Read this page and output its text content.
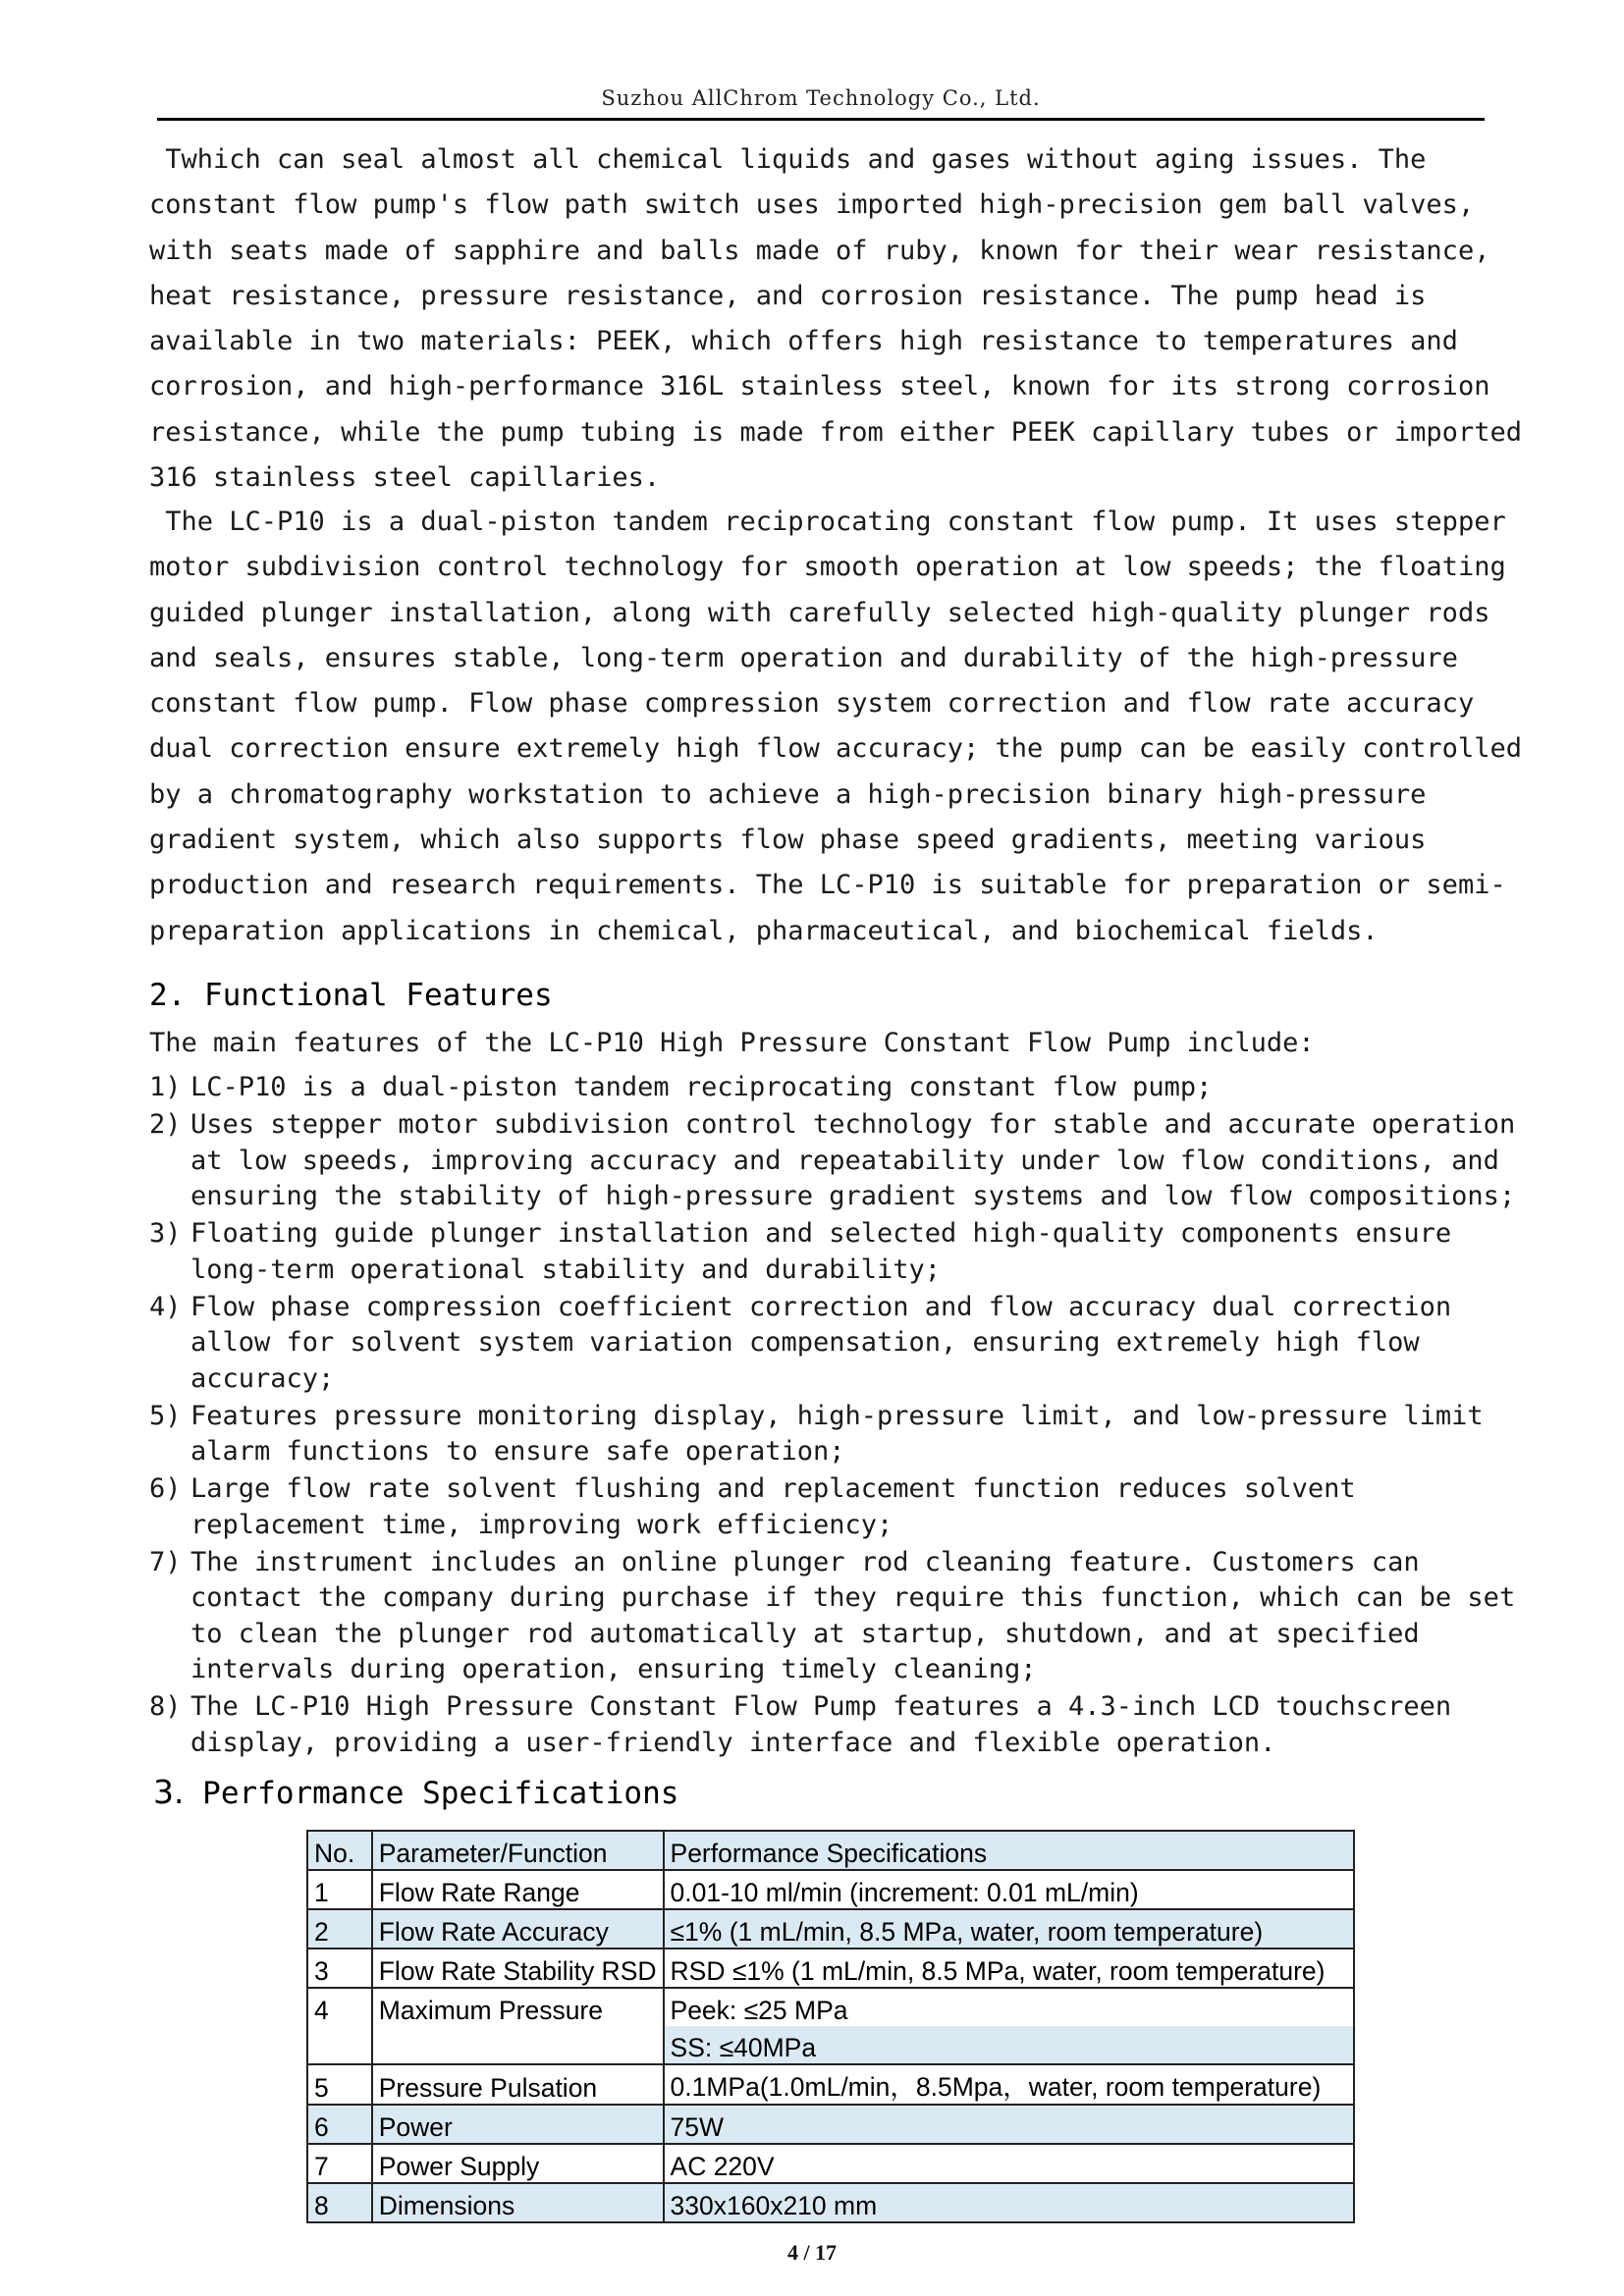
Suzhou AllChrom Technology Co., Ltd.
Twhich can seal almost all chemical liquids and gases without aging issues. The
constant flow pump's flow path switch uses imported high-precision gem ball valves,
with seats made of sapphire and balls made of ruby, known for their wear resistance,
heat resistance, pressure resistance, and corrosion resistance. The pump head is
available in two materials: PEEK, which offers high resistance to temperatures and
corrosion, and high-performance 316L stainless steel, known for its strong corrosion
resistance, while the pump tubing is made from either PEEK capillary tubes or imported
316 stainless steel capillaries.
The LC-P10 is a dual-piston tandem reciprocating constant flow pump. It uses stepper
motor subdivision control technology for smooth operation at low speeds; the floating
guided plunger installation, along with carefully selected high-quality plunger rods
and seals, ensures stable, long-term operation and durability of the high-pressure
constant flow pump. Flow phase compression system correction and flow rate accuracy
dual correction ensure extremely high flow accuracy; the pump can be easily controlled
by a chromatography workstation to achieve a high-precision binary high-pressure
gradient system, which also supports flow phase speed gradients, meeting various
production and research requirements. The LC-P10 is suitable for preparation or semi-
preparation applications in chemical, pharmaceutical, and biochemical fields.
2. Functional Features
The main features of the LC-P10 High Pressure Constant Flow Pump include:
1) LC-P10 is a dual-piston tandem reciprocating constant flow pump;
2) Uses stepper motor subdivision control technology for stable and accurate operation
at low speeds, improving accuracy and repeatability under low flow conditions, and
ensuring the stability of high-pressure gradient systems and low flow compositions;
3) Floating guide plunger installation and selected high-quality components ensure
long-term operational stability and durability;
4) Flow phase compression coefficient correction and flow accuracy dual correction
allow for solvent system variation compensation, ensuring extremely high flow
accuracy;
5) Features pressure monitoring display, high-pressure limit, and low-pressure limit
alarm functions to ensure safe operation;
6) Large flow rate solvent flushing and replacement function reduces solvent
replacement time, improving work efficiency;
7) The instrument includes an online plunger rod cleaning feature. Customers can
contact the company during purchase if they require this function, which can be set
to clean the plunger rod automatically at startup, shutdown, and at specified
intervals during operation, ensuring timely cleaning;
8) The LC-P10 High Pressure Constant Flow Pump features a 4.3-inch LCD touchscreen
display, providing a user-friendly interface and flexible operation.
3. Performance Specifications
No.	Parameter/Function	Performance Specifications
1	Flow Rate Range	0.01-10 ml/min (increment: 0.01 mL/min)
2	Flow Rate Accuracy	≤1% (1 mL/min, 8.5 MPa, water, room temperature)
3	Flow Rate Stability RSD	RSD ≤1% (1 mL/min, 8.5 MPa, water, room temperature)
4	Maximum Pressure	Peek: ≤25 MPa
		SS: ≤40MPa
5	Pressure Pulsation	0.1MPa(1.0mL/min，8.5Mpa，water, room temperature)
6	Power	75W
7	Power Supply	AC 220V
8	Dimensions	330x160x210 mm
4 / 17
